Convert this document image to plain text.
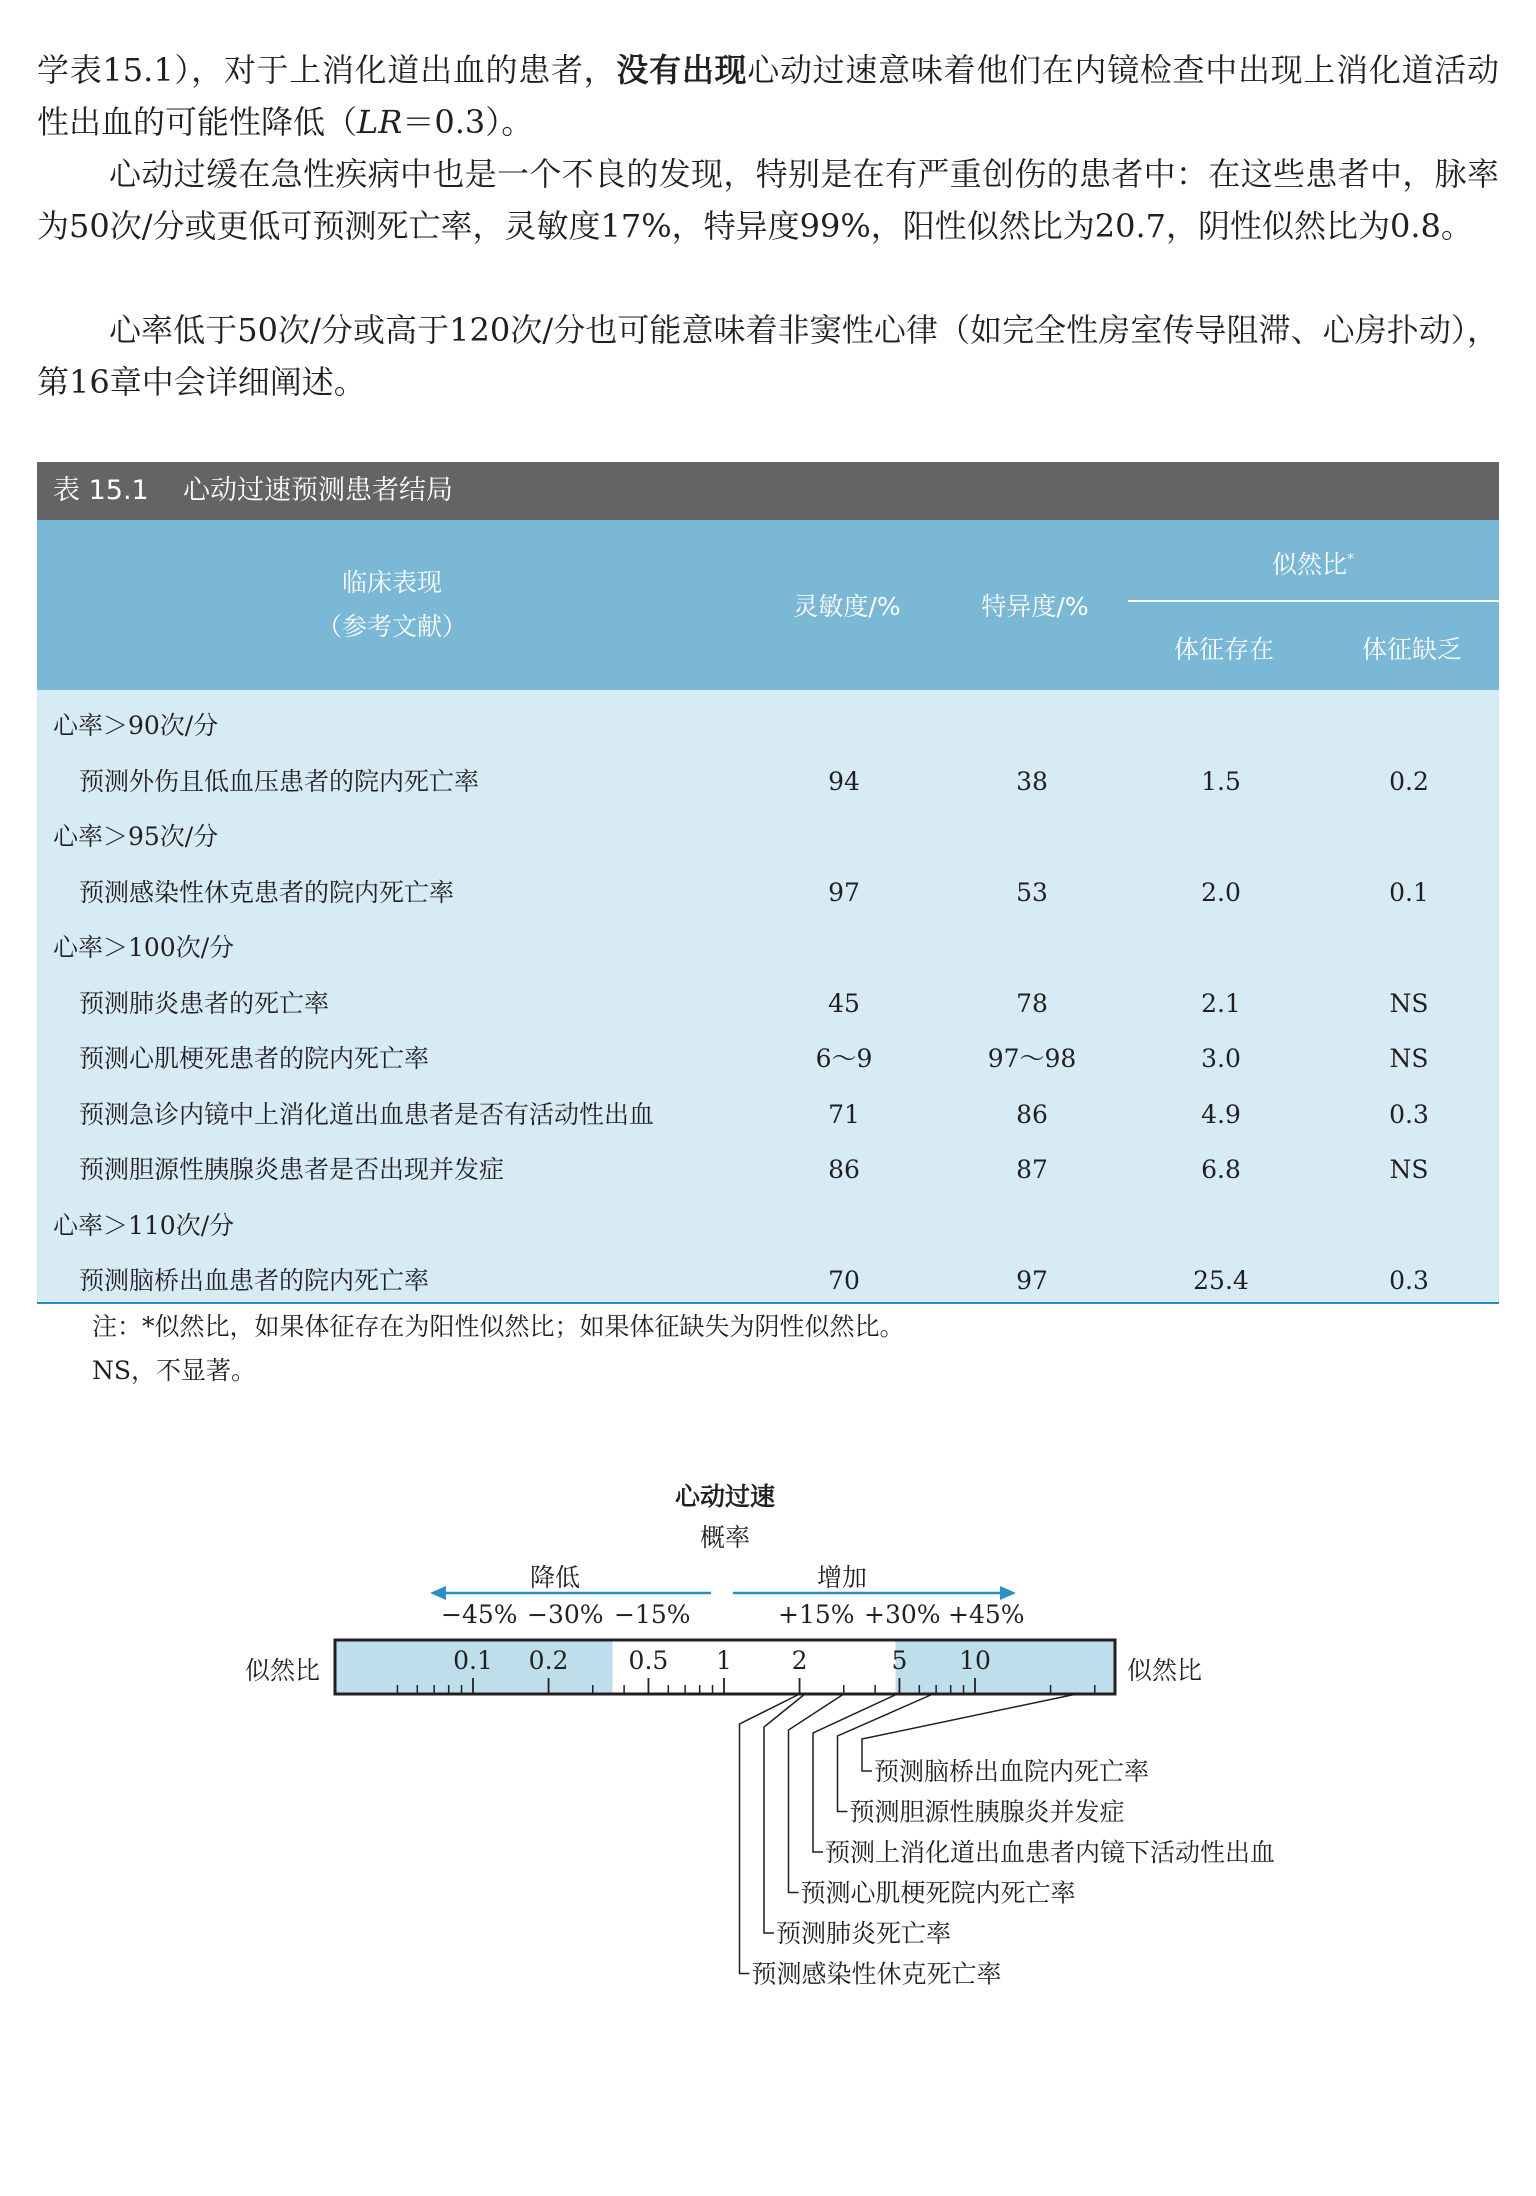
学表15.1），对于上消化道出血的患者，没有出现心动过速意味着他们在内镜检查中出现上消化道活动性出血的可能性降低（LR＝0.3）。

心动过缓在急性疾病中也是一个不良的发现，特别是在有严重创伤的患者中：在这些患者中，脉率为50次/分或更低可预测死亡率，灵敏度17%，特异度99%，阳性似然比为20.7，阴性似然比为0.8。

心率低于50次/分或高于120次/分也可能意味着非窦性心律（如完全性房室传导阻滞、心房扑动），第16章中会详细阐述。

表 15.1    心动过速预测患者结局
临床表现
（参考文献）
灵敏度/%	特异度/%
似然比*
体征存在	体征缺乏
心率＞90次/分
预测外伤且低血压患者的院内死亡率	94	38	1.5	0.2
心率＞95次/分
预测感染性休克患者的院内死亡率	97	53	2.0	0.1
心率＞100次/分
预测肺炎患者的死亡率	45	78	2.1	NS
预测心肌梗死患者的院内死亡率	6～9	97～98	3.0	NS
预测急诊内镜中上消化道出血患者是否有活动性出血	71	86	4.9	0.3
预测胆源性胰腺炎患者是否出现并发症	86	87	6.8	NS
心率＞110次/分
预测脑桥出血患者的院内死亡率	70	97	25.4	0.3
注：*似然比，如果体征存在为阳性似然比；如果体征缺失为阴性似然比。
NS，不显著。
心动过速
概率
降低	增加
−45% −30% −15%	+15% +30% +45%
似然比	似然比
0.1 0.2 0.5 1 2	5 10
预测脑桥出血院内死亡率
预测胆源性胰腺炎并发症
预测上消化道出血患者内镜下活动性出血
预测心肌梗死院内死亡率
预测肺炎死亡率
预测感染性休克死亡率
